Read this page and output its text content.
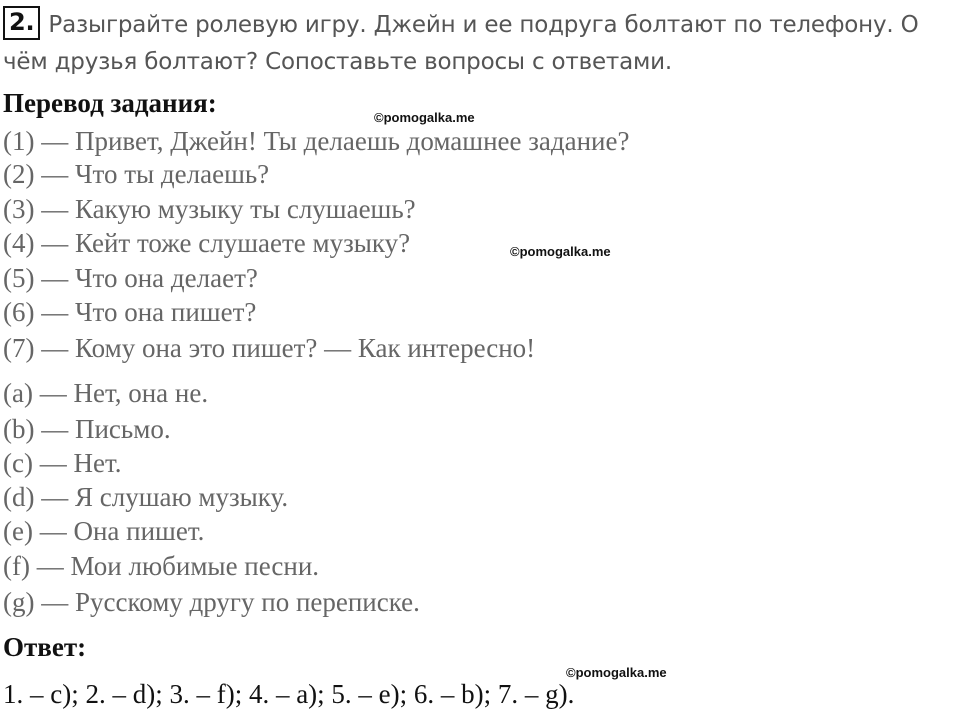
2. Разыграйте ролевую игру. Джейн и ее подруга болтают по телефону. О чём друзья болтают? Сопоставьте вопросы с ответами.
Перевод задания:	©pomogalka.me
(1) — Привет, Джейн! Ты делаешь домашнее задание?
(2) — Что ты делаешь?
(3) — Какую музыку ты слушаешь?
(4) — Кейт тоже слушаете музыку?	©pomogalka.me
(5) — Что она делает?
(6) — Что она пишет?
(7) — Кому она это пишет? — Как интересно!
(a) — Нет, она не.
(b) — Письмо.
(c) — Нет.
(d) — Я слушаю музыку.
(e) — Она пишет.
(f) — Мои любимые песни.
(g) — Русскому другу по переписке.
Ответ:
©pomogalka.me
1. – c); 2. – d); 3. – f); 4. – a); 5. – e); 6. – b); 7. – g).
